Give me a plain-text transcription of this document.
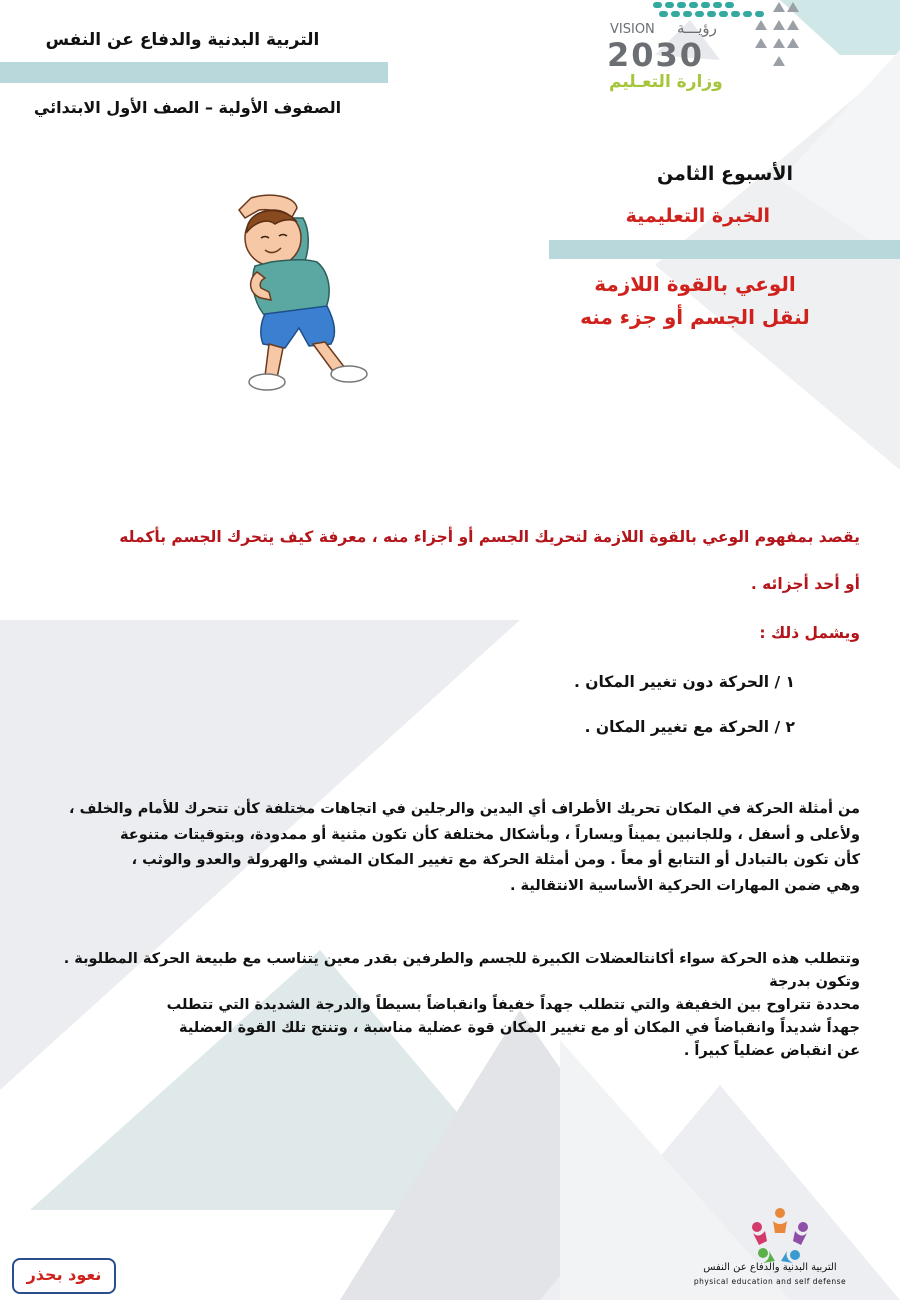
التربية البدنية والدفاع عن النفس
الصفوف الأولية – الصف الأول الابتدائي
VISION رؤيـــة
2030
وزارة التعـليم
الأسبوع الثامن
الخبرة التعليمية
الوعي بالقوة اللازمة
لنقل الجسم أو جزء منه
يقصد بمفهوم الوعي بالقوة اللازمة لتحريك الجسم أو أجزاء منه ، معرفة كيف يتحرك الجسم بأكمله
أو أحد أجزائه .
ويشمل ذلك :
١ / الحركة دون تغيير المكان .
٢ / الحركة مع تغيير المكان .

من أمثلة الحركة في المكان تحريك الأطراف أي اليدين والرجلين في اتجاهات مختلفة كأن تتحرك للأمام والخلف ،

ولأعلى و أسفل ، وللجانبين يميناً ويساراً ، وبأشكال مختلفة كأن تكون مثنية أو ممدودة، وبتوقيتات متنوعة

كأن تكون بالتبادل أو التتابع أو معاً . ومن أمثلة الحركة مع تغيير المكان المشي والهرولة والعدو والوثب ،

وهي ضمن المهارات الحركية الأساسية الانتقالية .

وتتطلب هذه الحركة سواء أكانتالعضلات الكبيرة للجسم والطرفين بقدر معين يتناسب مع طبيعة الحركة المطلوبة .

وتكون بدرجة

محددة تتراوح بين الخفيفة والتي تتطلب جهداً خفيفاً وانقباضاً بسيطاً والدرجة الشديدة التي تتطلب

جهداً شديداً وانقباضاً في المكان أو مع تغيير المكان قوة عضلية مناسبة ، وتنتج تلك القوة العضلية

عن انقباض عضلياً كبيراً .

التربية البدنية والدفاع عن النفس
physical education and self defense
نعود بحذر
